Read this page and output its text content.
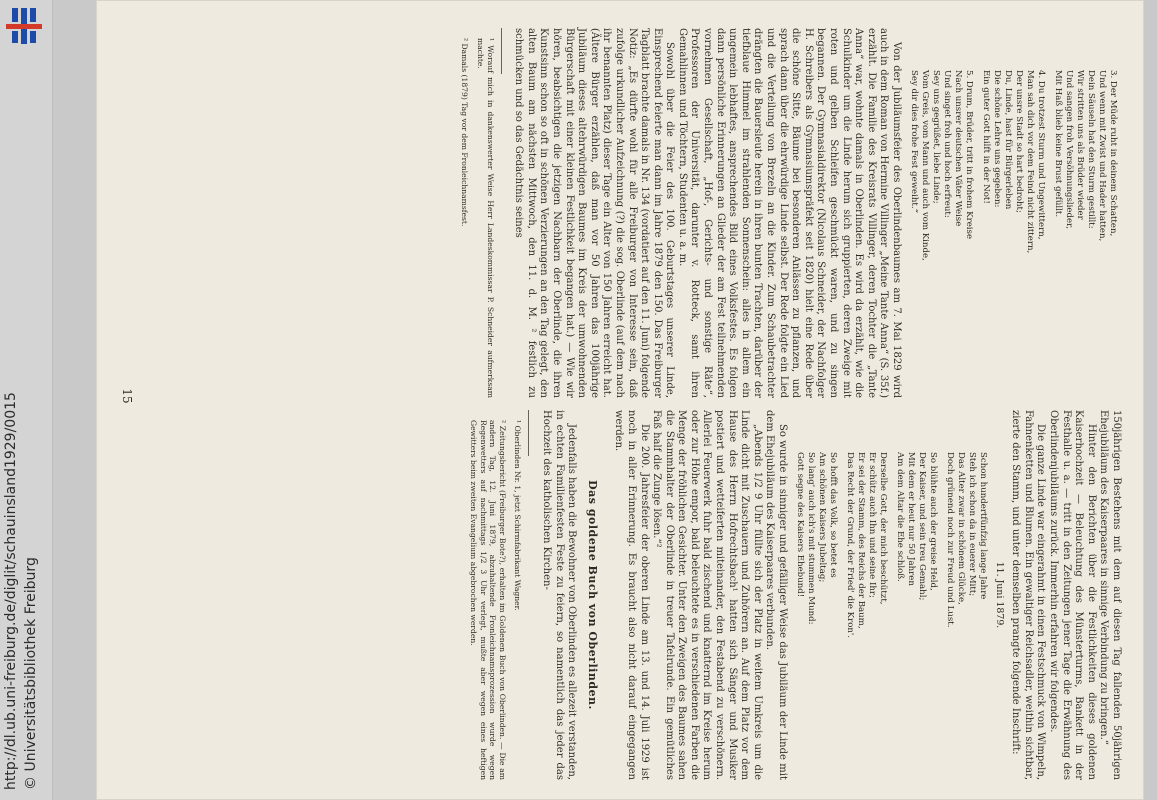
http://dl.ub.uni-freiburg.de/diglit/schauinsland1929/0015 © Universitätsbibliothek Freiburg
3. Der Müde ruht in deinem Schatten,
Und wenn mit Zwist und Hader hatten,
Dein Säuseln hat den Sturm gestillt:
Wir stritten uns als Brüder wieder
Und sangen froh Versöhnungslieder,
Mit Haß blieb keine Brust gefüllt.
4. Du trotzest Sturm und Ungewittern,
Man sah dich vor dem Feind nicht zittern,
Der unsre Stadt so hart bedroht;
Du, Linde, hast für Bürgerleben
Die schöne Lehre uns gegeben:
Ein guter Gott hilft in der Not!
5. Drum, Brüder, tritt in frohem Kreise
Nach unsrer deutschen Väter Weise
Und singet froh und hoch erfreut:
Sey uns gegrüßet, liebe Linde;
Vom Greis, vom Mann und auch vom Kinde,
Sey dir dies frohe Fest geweiht.“

Von der Jubiläumsfeier des Oberlindenbaumes am 7. Mai 1829 wird auch in dem Roman von Hermine Villinger „Meine Tante Anna“ (S. 35f.) erzählt. Die Familie des Kreisrats Villinger, deren Tochter die „Tante Anna“ war, wohnte damals in Oberlinden. Es wird da erzählt, wie die Schulkinder um die Linde herum sich gruppierten, deren Zweige mit roten und gelben Schleifen geschmückt waren, und zu singen begannen. Der Gymnasialdirektor (Nicolaus Schneider, der Nachfolger H. Schreibers als Gymnasiumspräfekt seit 1820) hielt eine Rede über die schöne Sitte, Bäume bei besonderen Anlässen zu pflanzen, und sprach dann über die ehrwürdige Linde selbst. Der Rede folgte ein Lied und die Verteilung von Brezeln an die Kinder. Zum Schaubetrachter drängten die Bauersleute herein in ihren bunten Trachten, darüber der tiefblaue Himmel im strahlenden Sonnenschein: alles in allem ein ungemein lebhaftes, ansprechendes Bild eines Volksfestes. Es folgen dann persönliche Erinnerungen an Glieder der am Fest teilnehmenden vornehmen Gesellschaft, „Hof-, Gerichts- und sonstige Räte“, Professoren der Universität, darunter v. Rotteck, samt ihren Gemahlinnen und Töchtern, Studenten u. a. m.

Sowohl über die Feier des 100. Geburtstages unserer Linde, Einsprechend feierte man dann im Jahre 1879 den 150. Das Freiburger Tagblatt brachte damals in Nr. 134 (vordatiert auf den 11. Juni) folgende Notiz: „Es dürfte wohl für alle Freiburger von Interesse sein, daß zufolge urkundlicher Aufzeichnung (?) die sog. Oberlinde (auf dem nach ihr benannten Platz) dieser Tage ein Alter von 150 Jahren erreicht hat. (Ältere Bürger erzählen, daß man vor 50 Jahren das 100jährige Jubiläum dieses altehrwürdigen Baumes im Kreis der umwohnenden Bürgerschaft mit einer kleinen Festlichkeit begangen hat.) — Wie wir hören, beabsichtigen die jetzigen Nachbarn der Oberlinde, die ihren Kunstsinn schon so oft in schönen Verzierungen an den Tag gelegt, den alten Baum am nächsten Mittwoch, den 11. d. M. ² festlich zu schmücken und so das Gedächtnis seines

¹ Worauf mich in dankenswerter Weise Herr Landeskommissar P. Schneider aufmerksam machte.
² Damals (1879) Tag vor dem Fronleichnamsfest.

150jährigen Bestehens mit dem auf diesen Tag fallenden 50jährigen Ehejubiläum des Kaiserpaares in sinnige Verbindung zu bringen.“

Hinter den Berichten über die Festlichkeiten dieses goldenen Kaiserhochzeit — Beleuchtung des Münsterturms, Bankett in der Festhalle u. a. — tritt in den Zeitungen jener Tage die Erwähnung des Oberlindenjubiläums zurück. Immerhin erfahren wir folgendes.

Die ganze Linde war eingerahmt in einen Festschmuck von Wimpeln, Fahnenketten und Blumen. Ein gewaltiger Reichsadler, weithin sichtbar, zierte den Stamm, und unter demselben prangte folgende Inschrift:

11. Juni 1879.
Schon hundertfünfzig lange Jahre
Steh ich schon da in euerer Mitt;
Das Alter zwar in schönem Glücke,
Doch grünend noch zur Freud und Lust.
So blühte auch der greise Held,
Der Kaiser, und sein treu Gemahl;
Mit dem er heut nur 50 Jahren
Am dem Altar die Ehe schloß.
Derselbe Gott, der mich beschützt,
Er schütz auch Ihn und seine Ihr;
Er sei der Stamm, des Reichs der Baum,
Das Recht der Grund, der Fried' die Kron'.
So hofft das Volk, so betet es
Am schönen Kaisers Jubeltag;
So lang' auch ich's mit stummen Mund:
Gott segne des Kaisers Ehebund!

So wurde in sinniger und gefälliger Weise das Jubiläum der Linde mit dem Ehejubiläum des Kaiserpaares verbunden.

„Abends 1/2 9 Uhr füllte sich der Platz in weitem Umkreis um die Linde dicht mit Zuschauern und Zuhörern an. Auf dem Platz vor dem Hause des Herrn Hofrechtsbach¹ hatten sich Sänger und Musiker postiert und wetteiferten miteinander, den Festabend zu verschönern. Allerlei Feuerwerk fuhr bald zischend und knatternd im Kreise herum oder zur Höhe empor, bald beleuchtete es in verschiedenen Farben die Menge der fröhlichen Gesichter. Unter den Zweigen des Baumes sahen die Stammhalter der Oberlinde in treuer Tafelrunde. Ein gemütliches Faß half die Zunge lösen.“²

Die 200. Jahresfeier der oberen Linde am 13. und 14. Juli 1929 ist noch in aller Erinnerung. Es braucht also nicht darauf eingegangen werden.

Das goldene Buch von Oberlinden.

Jedenfalls haben die Bewohner von Oberlinden es allezeit verstanden, in echten Familienfesten Feste zu feiern, so namentlich das jeder das Hochzeit des katholischen Kirchen-

¹ Oberlinden Nr. 1, jetzt Schirmfabrikant Wagner.
² Zeitungsbericht (Freiburger Bote?), erhalten im Goldenen Buch von Oberlinden. — Die am andern Tag, 12. Juni 1879, abzuhaltende Fronleichnamsprozession wurde wegen Regenwetters auf nachmittags 1/2 3 Uhr verlegt, mußte aber wegen eines heftigen Gewitters beim zweiten Evangelium abgebrochen werden.
15
